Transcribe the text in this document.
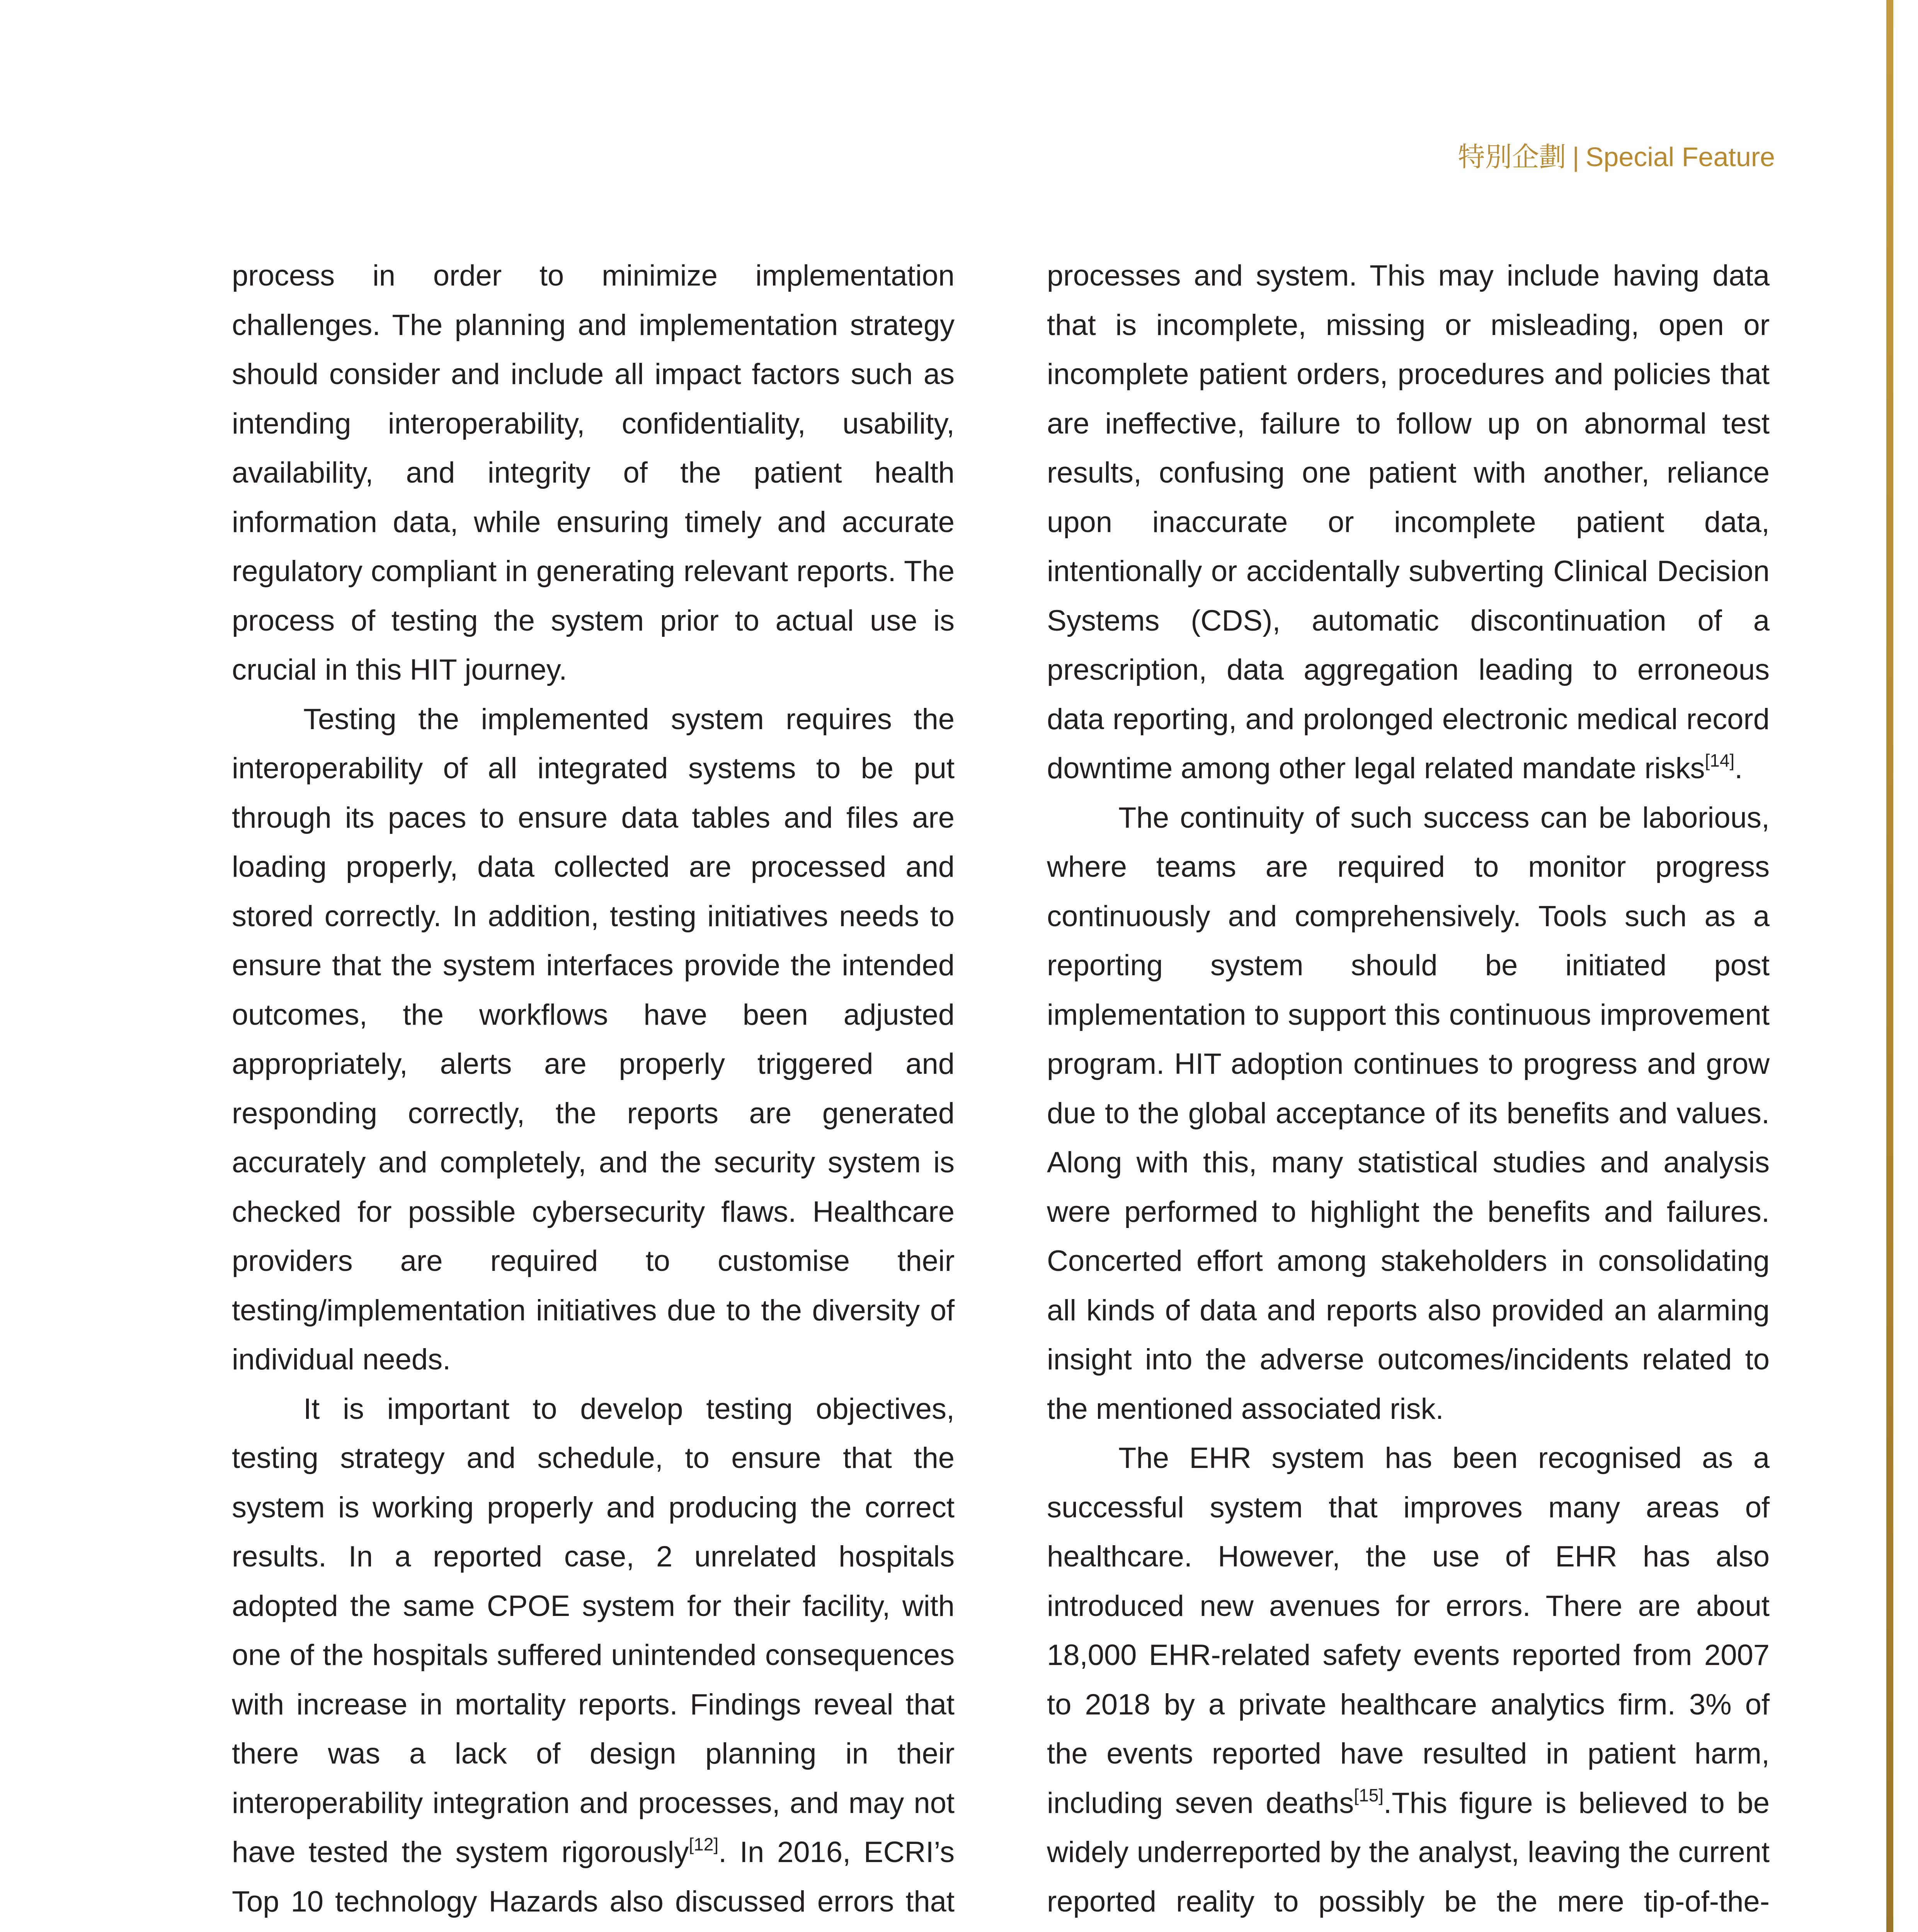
特別企劃 | Special Feature

process in order to minimize implementation challenges. The planning and implementation strategy should consider and include all impact factors such as intending interoperability, confidentiality, usability, availability, and integrity of the patient health information data, while ensuring timely and accurate regulatory compliant in generating relevant reports. The process of testing the system prior to actual use is crucial in this HIT journey.

Testing the implemented system requires the interoperability of all integrated systems to be put through its paces to ensure data tables and files are loading properly, data collected are processed and stored correctly. In addition, testing initiatives needs to ensure that the system interfaces provide the intended outcomes, the workflows have been adjusted appropriately, alerts are properly triggered and responding correctly, the reports are generated accurately and completely, and the security system is checked for possible cybersecurity flaws. Healthcare providers are required to customise their testing/implementation initiatives due to the diversity of individual needs.

It is important to develop testing objectives, testing strategy and schedule, to ensure that the system is working properly and producing the correct results. In a reported case, 2 unrelated hospitals adopted the same CPOE system for their facility, with one of the hospitals suffered unintended consequences with increase in mortality reports. Findings reveal that there was a lack of design planning in their interoperability integration and processes, and may not have tested the system rigorously[12]. In 2016, ECRI’s Top 10 technology Hazards also discussed errors that

processes and system. This may include having data that is incomplete, missing or misleading, open or incomplete patient orders, procedures and policies that are ineffective, failure to follow up on abnormal test results, confusing one patient with another, reliance upon inaccurate or incomplete patient data, intentionally or accidentally subverting Clinical Decision Systems (CDS), automatic discontinuation of a prescription, data aggregation leading to erroneous data reporting, and prolonged electronic medical record downtime among other legal related mandate risks[14].

The continuity of such success can be laborious, where teams are required to monitor progress continuously and comprehensively. Tools such as a reporting system should be initiated post implementation to support this continuous improvement program. HIT adoption continues to progress and grow due to the global acceptance of its benefits and values. Along with this, many statistical studies and analysis were performed to highlight the benefits and failures. Concerted effort among stakeholders in consolidating all kinds of data and reports also provided an alarming insight into the adverse outcomes/incidents related to the mentioned associated risk.

The EHR system has been recognised as a successful system that improves many areas of healthcare. However, the use of EHR has also introduced new avenues for errors. There are about 18,000 EHR-related safety events reported from 2007 to 2018 by a private healthcare analytics firm. 3% of the events reported have resulted in patient harm, including seven deaths[15].This figure is believed to be widely underreported by the analyst, leaving the current reported reality to possibly be the mere tip-of-the-
